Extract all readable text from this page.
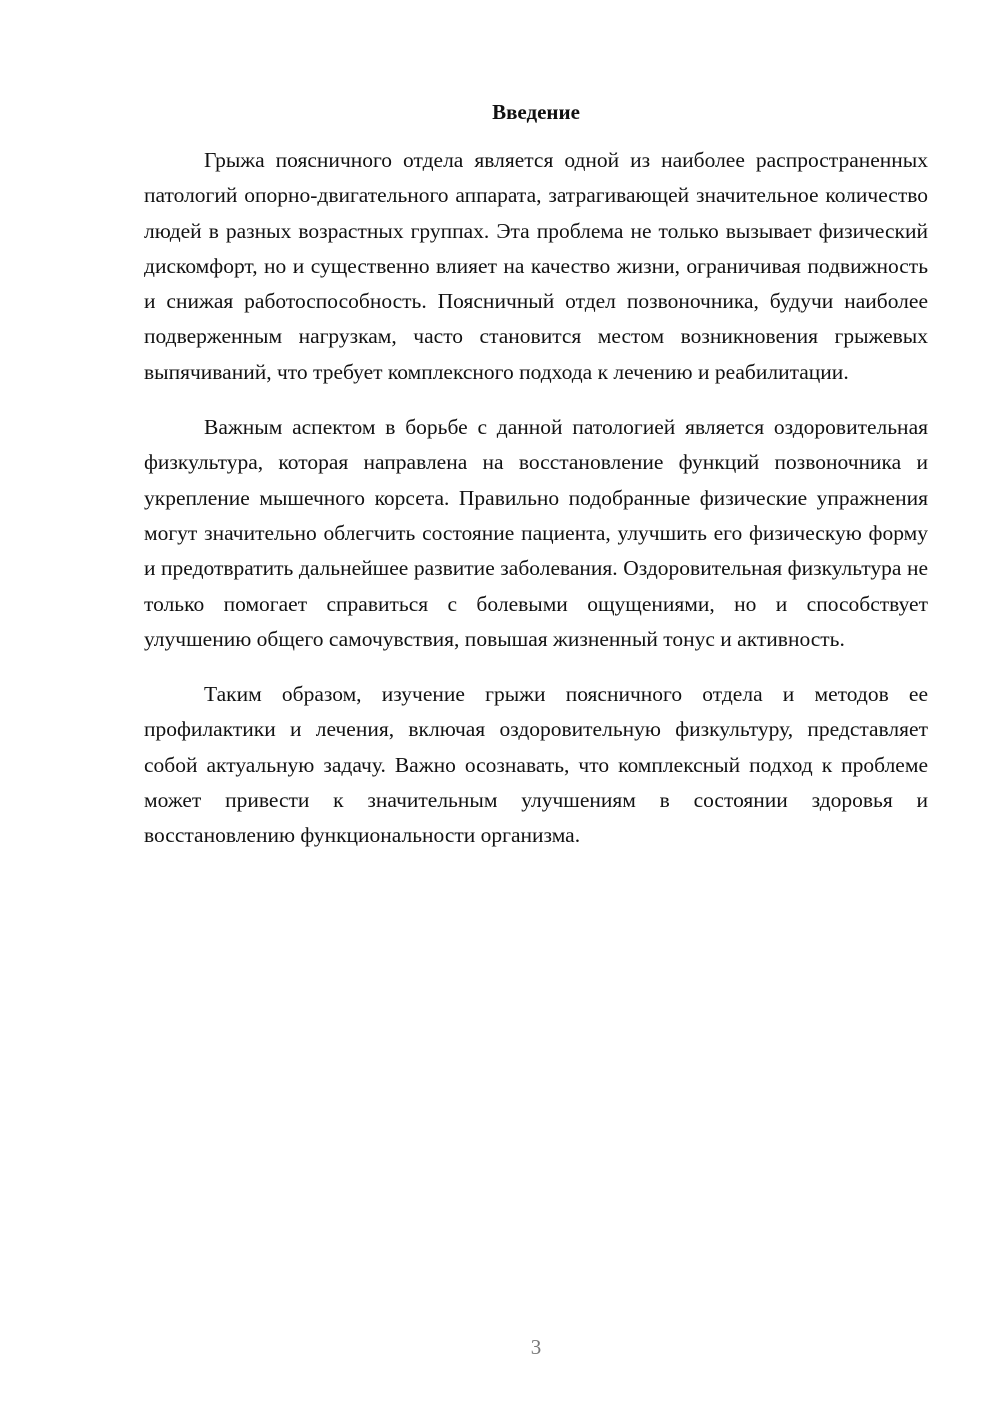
Введение

Грыжа поясничного отдела является одной из наиболее распространенных патологий опорно-двигательного аппарата, затрагивающей значительное количество людей в разных возрастных группах. Эта проблема не только вызывает физический дискомфорт, но и существенно влияет на качество жизни, ограничивая подвижность и снижая работоспособность. Поясничный отдел позвоночника, будучи наиболее подверженным нагрузкам, часто становится местом возникновения грыжевых выпячиваний, что требует комплексного подхода к лечению и реабилитации.

Важным аспектом в борьбе с данной патологией является оздоровительная физкультура, которая направлена на восстановление функций позвоночника и укрепление мышечного корсета. Правильно подобранные физические упражнения могут значительно облегчить состояние пациента, улучшить его физическую форму и предотвратить дальнейшее развитие заболевания. Оздоровительная физкультура не только помогает справиться с болевыми ощущениями, но и способствует улучшению общего самочувствия, повышая жизненный тонус и активность.

Таким образом, изучение грыжи поясничного отдела и методов ее профилактики и лечения, включая оздоровительную физкультуру, представляет собой актуальную задачу. Важно осознавать, что комплексный подход к проблеме может привести к значительным улучшениям в состоянии здоровья и восстановлению функциональности организма.

3
